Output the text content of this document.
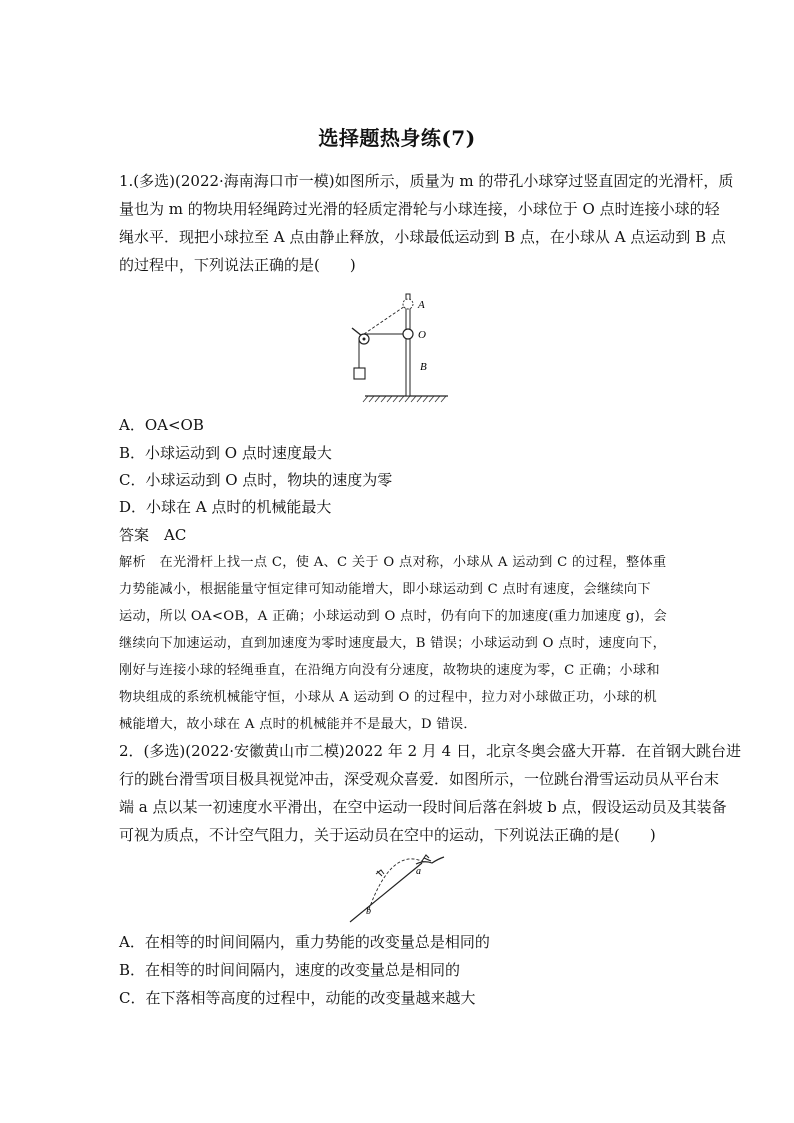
选择题热身练(7)
1.(多选)(2022·海南海口市一模)如图所示，质量为 m 的带孔小球穿过竖直固定的光滑杆，质
量也为 m 的物块用轻绳跨过光滑的轻质定滑轮与小球连接，小球位于 O 点时连接小球的轻
绳水平．现把小球拉至 A 点由静止释放，小球最低运动到 B 点，在小球从 A 点运动到 B 点
的过程中，下列说法正确的是(　　)
A
O
B
A．OA<OB
B．小球运动到 O 点时速度最大
C．小球运动到 O 点时，物块的速度为零
D．小球在 A 点时的机械能最大
答案　AC
解析　在光滑杆上找一点 C，使 A、C 关于 O 点对称，小球从 A 运动到 C 的过程，整体重
力势能减小，根据能量守恒定律可知动能增大，即小球运动到 C 点时有速度，会继续向下
运动，所以 OA<OB，A 正确；小球运动到 O 点时，仍有向下的加速度(重力加速度 g)，会
继续向下加速运动，直到加速度为零时速度最大，B 错误；小球运动到 O 点时，速度向下，
刚好与连接小球的轻绳垂直，在沿绳方向没有分速度，故物块的速度为零，C 正确；小球和
物块组成的系统机械能守恒，小球从 A 运动到 O 的过程中，拉力对小球做正功，小球的机
械能增大，故小球在 A 点时的机械能并不是最大，D 错误．
2．(多选)(2022·安徽黄山市二模)2022 年 2 月 4 日，北京冬奥会盛大开幕．在首钢大跳台进
行的跳台滑雪项目极具视觉冲击，深受观众喜爱．如图所示，一位跳台滑雪运动员从平台末
端 a 点以某一初速度水平滑出，在空中运动一段时间后落在斜坡 b 点，假设运动员及其装备
可视为质点，不计空气阻力，关于运动员在空中的运动，下列说法正确的是(　　)
a
b
A．在相等的时间间隔内，重力势能的改变量总是相同的
B．在相等的时间间隔内，速度的改变量总是相同的
C．在下落相等高度的过程中，动能的改变量越来越大
